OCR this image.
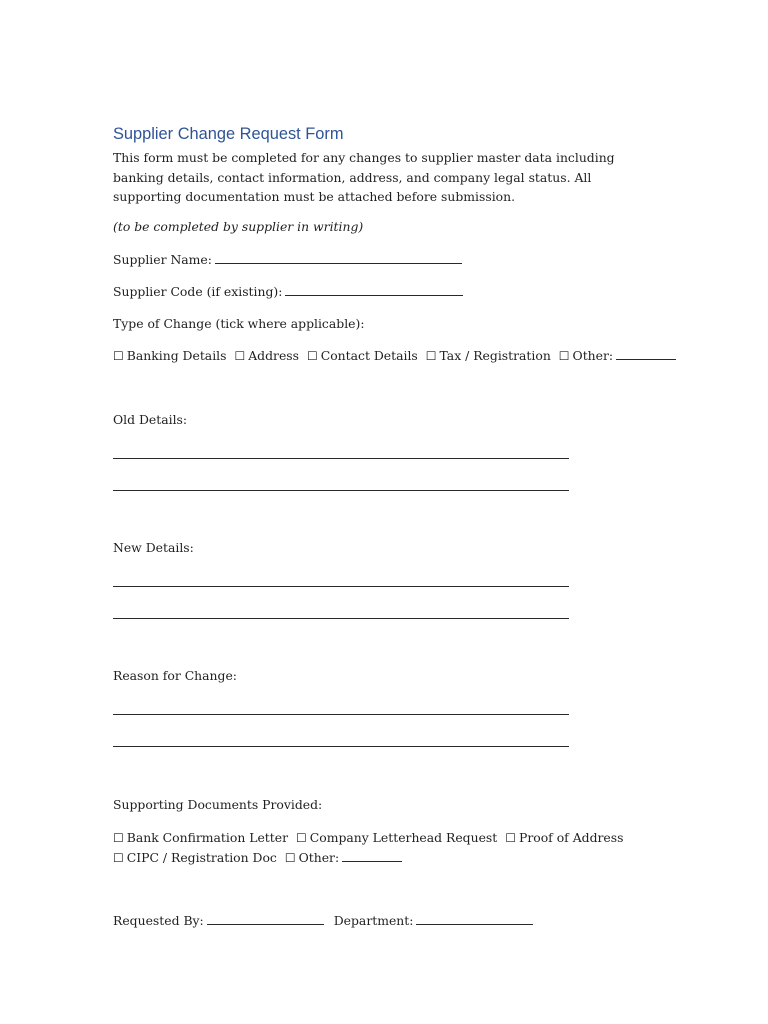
Supplier Change Request Form
This form must be completed for any changes to supplier master data including banking details, contact information, address, and company legal status. All supporting documentation must be attached before submission.
(to be completed by supplier in writing)
Supplier Name:
Supplier Code (if existing):
Type of Change (tick where applicable):
☐ Banking Details ☐ Address ☐ Contact Details ☐ Tax / Registration ☐ Other:
Old Details:
New Details:
Reason for Change:
Supporting Documents Provided:
☐ Bank Confirmation Letter ☐ Company Letterhead Request ☐ Proof of Address ☐ CIPC / Registration Doc ☐ Other:
Requested By:	Department:
